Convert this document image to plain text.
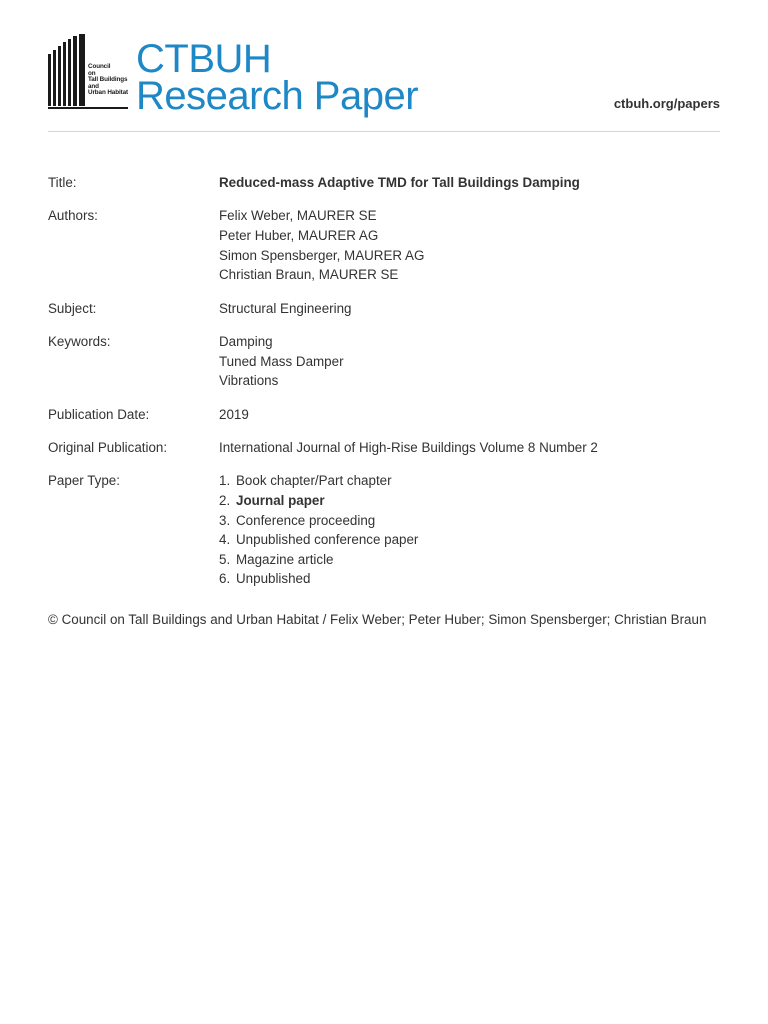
Council
on
Tall Buildings
and
Urban Habitat
CTBUH
Research Paper	ctbuh.org/papers
Title:	Reduced-mass Adaptive TMD for Tall Buildings Damping
Authors:	Felix Weber, MAURER SE
Peter Huber, MAURER AG
Simon Spensberger, MAURER AG
Christian Braun, MAURER SE
Subject:	Structural Engineering
Keywords:	Damping
Tuned Mass Damper
Vibrations
Publication Date:	2019
Original Publication:	International Journal of High-Rise Buildings Volume 8 Number 2
Paper Type:	1. Book chapter/Part chapter
2. Journal paper
3. Conference proceeding
4. Unpublished conference paper
5. Magazine article
6. Unpublished
© Council on Tall Buildings and Urban Habitat / Felix Weber; Peter Huber; Simon Spensberger; Christian Braun
